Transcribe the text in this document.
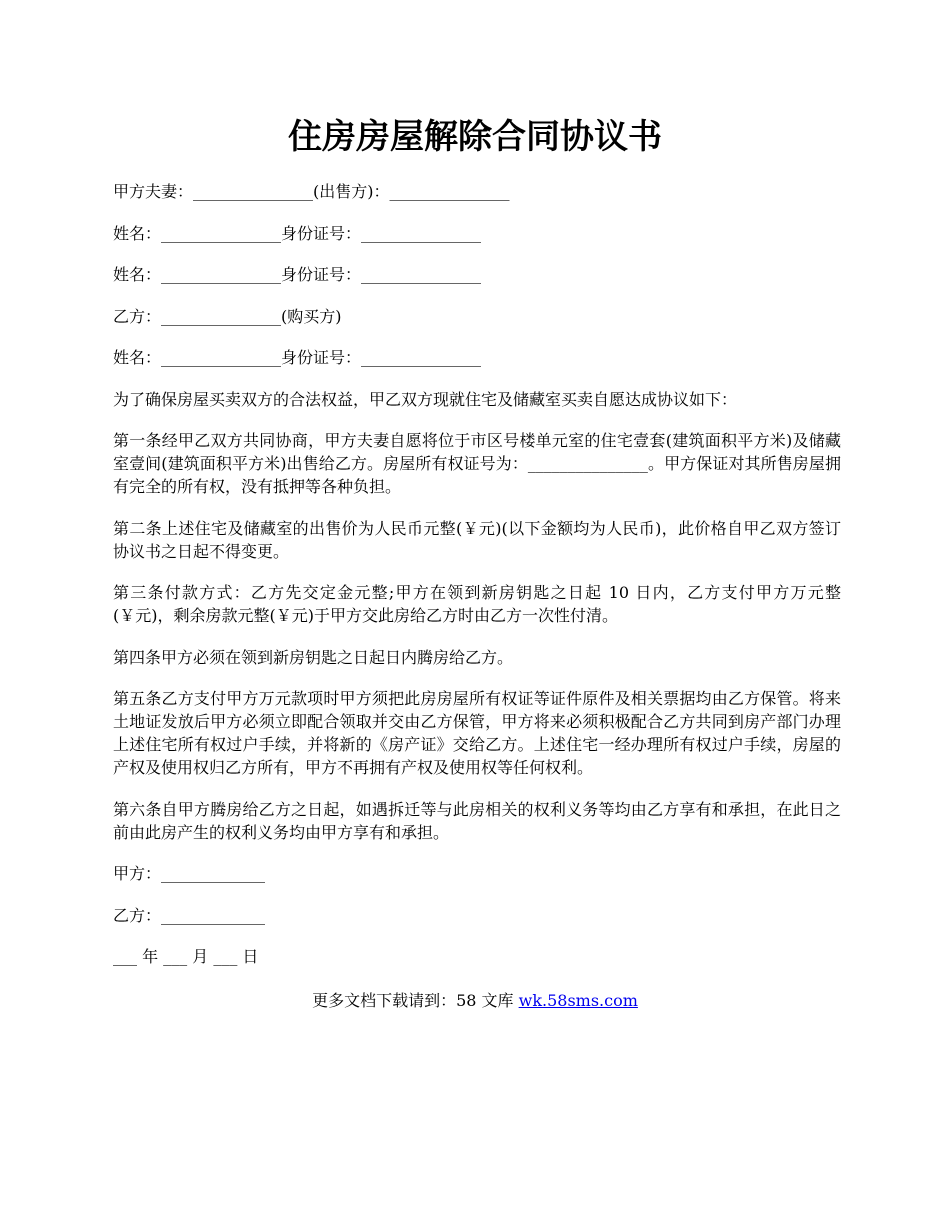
住房房屋解除合同协议书

甲方夫妻：_______________(出售方)：_______________

姓名：_______________身份证号：_______________

姓名：_______________身份证号：_______________

乙方：_______________(购买方)

姓名：_______________身份证号：_______________

为了确保房屋买卖双方的合法权益，甲乙双方现就住宅及储藏室买卖自愿达成协议如下：

第一条经甲乙双方共同协商，甲方夫妻自愿将位于市区号楼单元室的住宅壹套(建筑面积平方米)及储藏室壹间(建筑面积平方米)出售给乙方。房屋所有权证号为：_______________。甲方保证对其所售房屋拥有完全的所有权，没有抵押等各种负担。

第二条上述住宅及储藏室的出售价为人民币元整(￥元)(以下金额均为人民币)，此价格自甲乙双方签订协议书之日起不得变更。

第三条付款方式：乙方先交定金元整;甲方在领到新房钥匙之日起 10 日内，乙方支付甲方万元整(￥元)，剩余房款元整(￥元)于甲方交此房给乙方时由乙方一次性付清。

第四条甲方必须在领到新房钥匙之日起日内腾房给乙方。

第五条乙方支付甲方万元款项时甲方须把此房房屋所有权证等证件原件及相关票据均由乙方保管。将来土地证发放后甲方必须立即配合领取并交由乙方保管，甲方将来必须积极配合乙方共同到房产部门办理上述住宅所有权过户手续，并将新的《房产证》交给乙方。上述住宅一经办理所有权过户手续，房屋的产权及使用权归乙方所有，甲方不再拥有产权及使用权等任何权利。

第六条自甲方腾房给乙方之日起，如遇拆迁等与此房相关的权利义务等均由乙方享有和承担，在此日之前由此房产生的权利义务均由甲方享有和承担。

甲方：_____________

乙方：_____________

___ 年 ___ 月 ___ 日

更多文档下载请到：58 文库 wk.58sms.com
